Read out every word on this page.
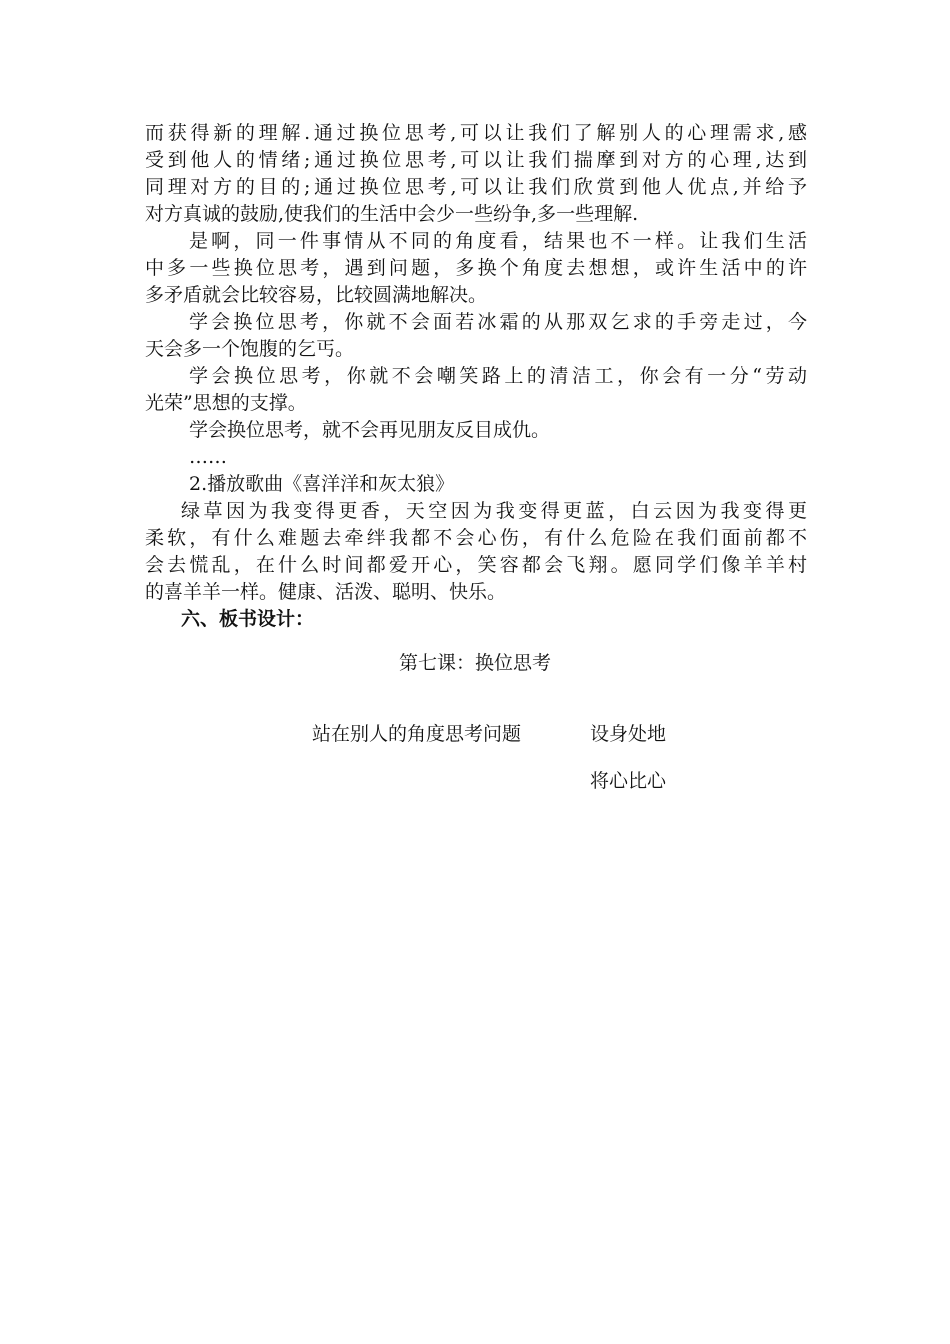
而获得新的理解.通过换位思考,可以让我们了解别人的心理需求,感
受到他人的情绪;通过换位思考,可以让我们揣摩到对方的心理,达到
同理对方的目的;通过换位思考,可以让我们欣赏到他人优点,并给予
对方真诚的鼓励,使我们的生活中会少一些纷争,多一些理解.
是啊，同一件事情从不同的角度看，结果也不一样。让我们生活
中多一些换位思考，遇到问题，多换个角度去想想，或许生活中的许
多矛盾就会比较容易，比较圆满地解决。
学会换位思考，你就不会面若冰霜的从那双乞求的手旁走过，今
天会多一个饱腹的乞丐。
学会换位思考，你就不会嘲笑路上的清洁工，你会有一分“劳动
光荣”思想的支撑。
学会换位思考，就不会再见朋友反目成仇。
……
2.播放歌曲《喜洋洋和灰太狼》
绿草因为我变得更香，天空因为我变得更蓝，白云因为我变得更
柔软，有什么难题去牵绊我都不会心伤，有什么危险在我们面前都不
会去慌乱，在什么时间都爱开心，笑容都会飞翔。愿同学们像羊羊村
的喜羊羊一样。健康、活泼、聪明、快乐。
六、板书设计：
第七课：换位思考
站在别人的角度思考问题	设身处地
将心比心
